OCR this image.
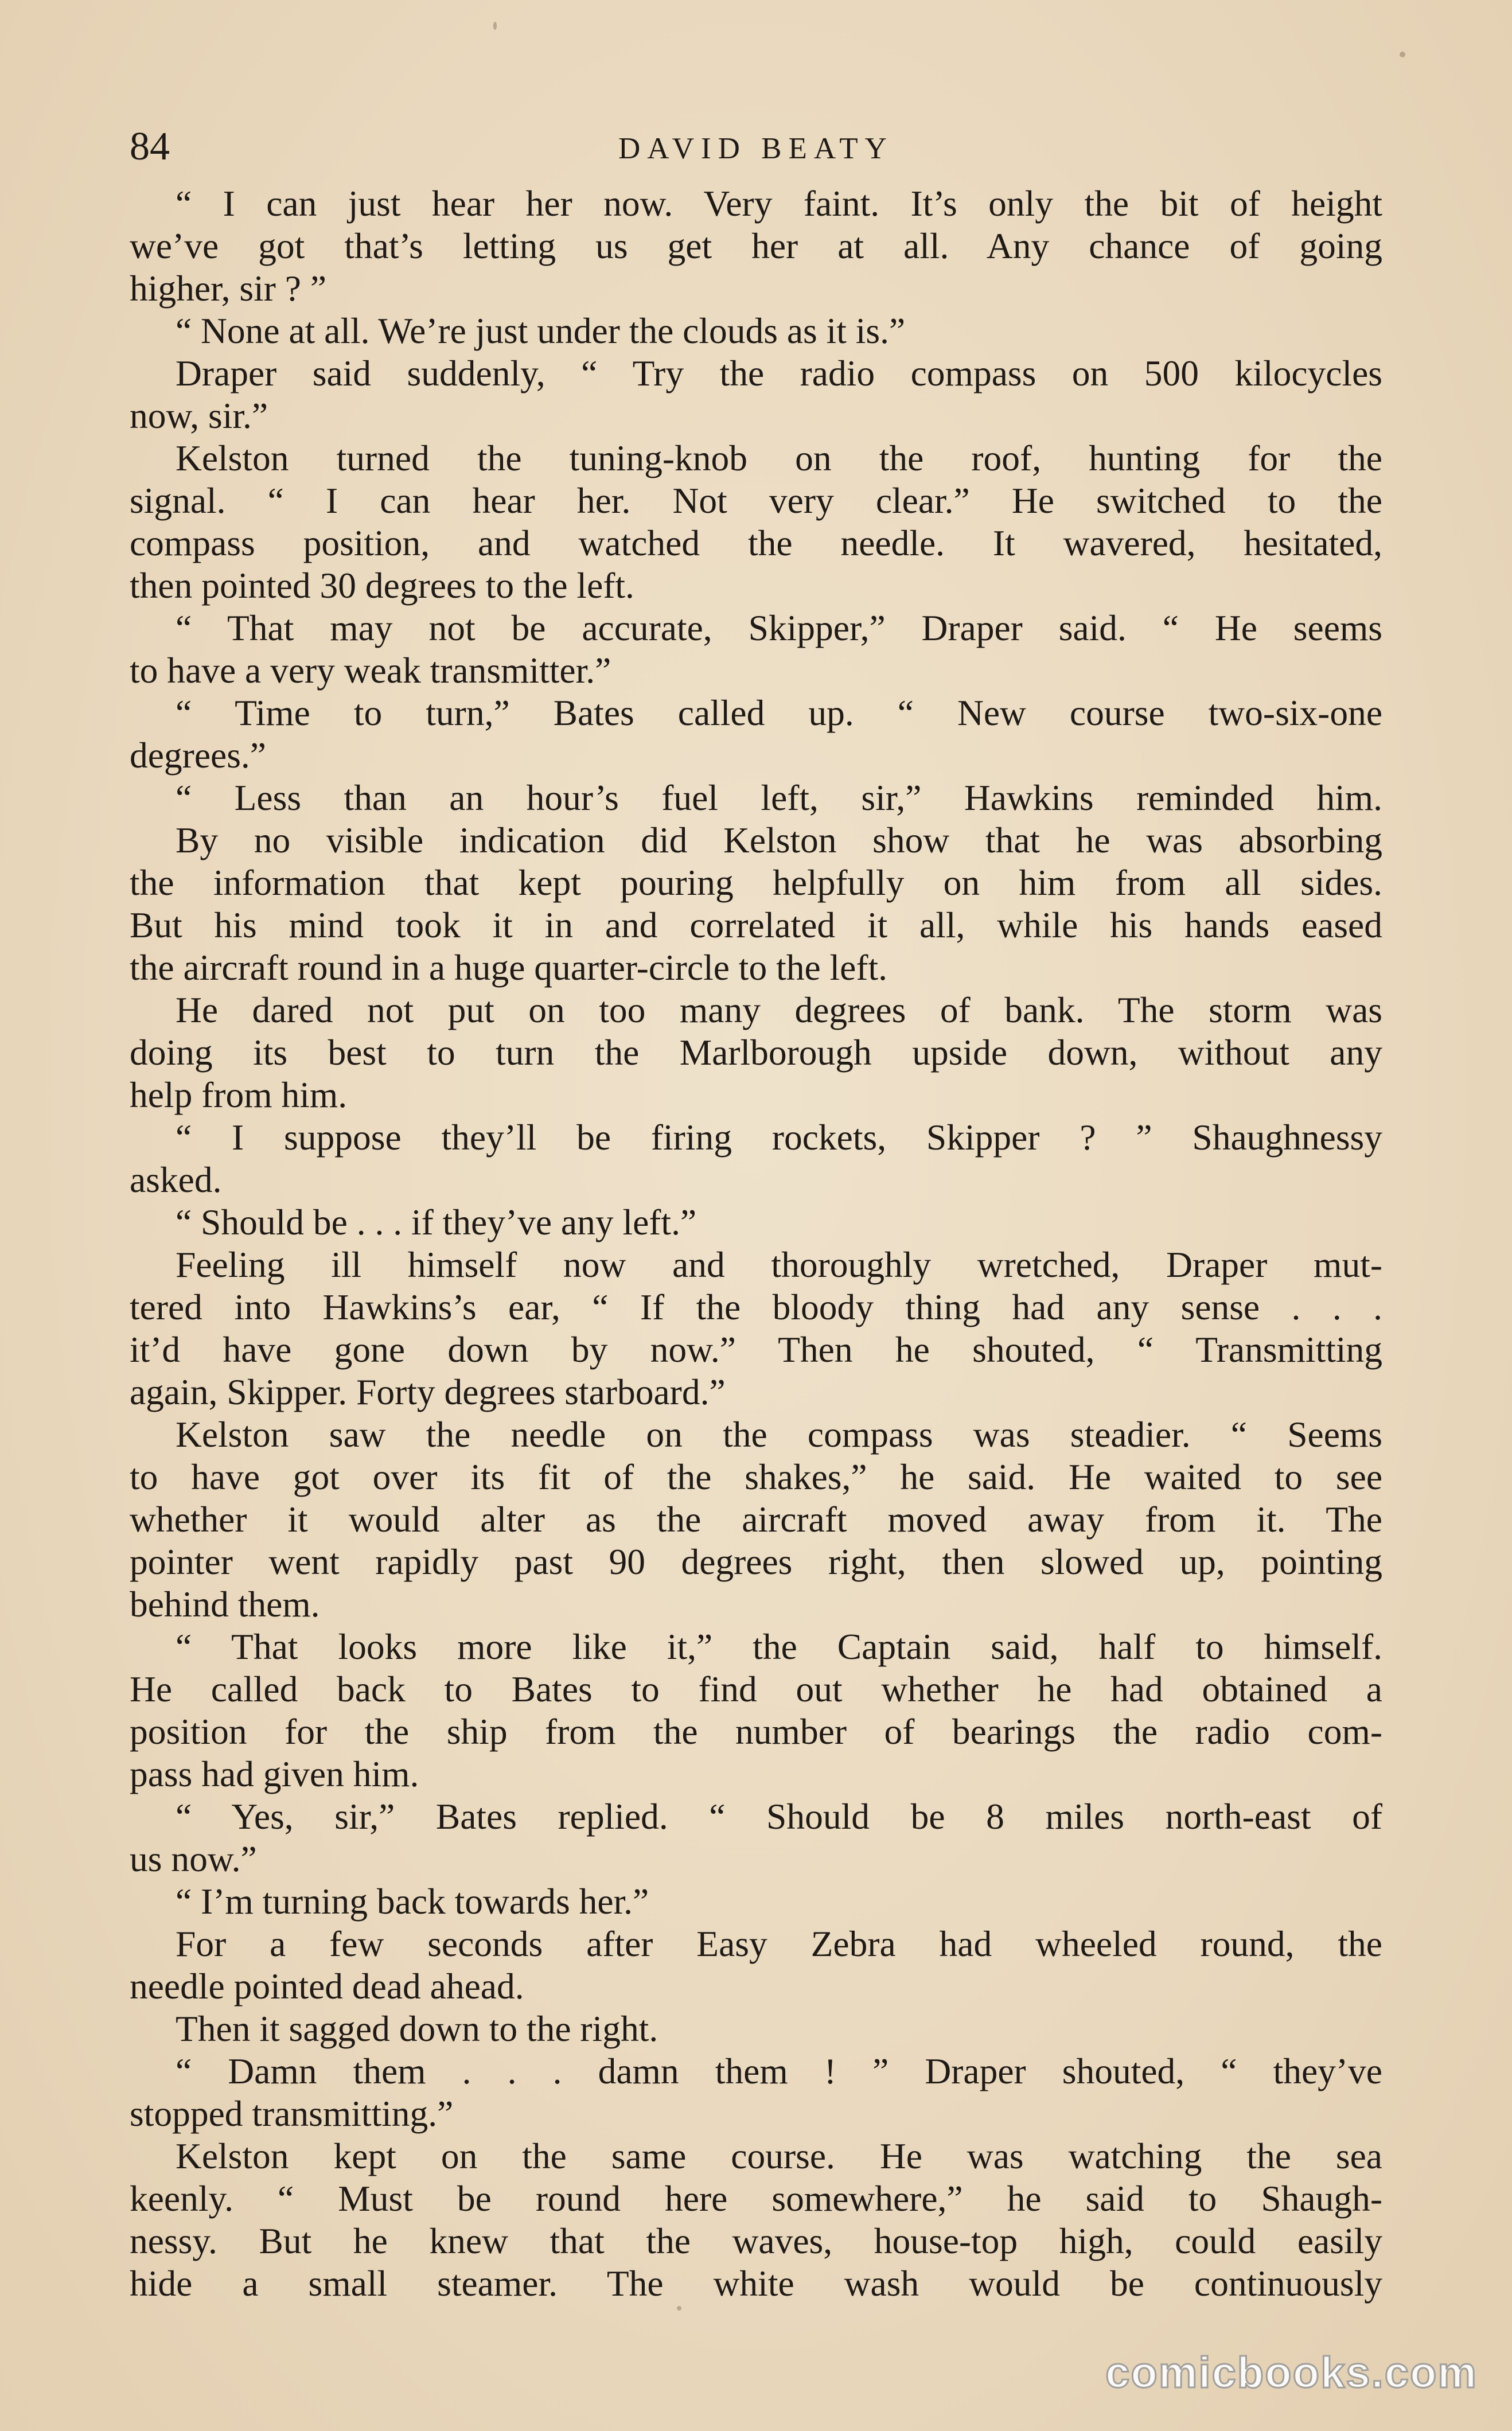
84	DAVID BEATY
“ I can just hear her now. Very faint. It’s only the bit of height
we’ve got that’s letting us get her at all. Any chance of going
higher, sir ? ”
“ None at all. We’re just under the clouds as it is.”
Draper said suddenly, “ Try the radio compass on 500 kilocycles
now, sir.”
Kelston turned the tuning-knob on the roof, hunting for the
signal. “ I can hear her. Not very clear.” He switched to the
compass position, and watched the needle. It wavered, hesitated,
then pointed 30 degrees to the left.
“ That may not be accurate, Skipper,” Draper said. “ He seems
to have a very weak transmitter.”
“ Time to turn,” Bates called up. “ New course two-six-one
degrees.”
“ Less than an hour’s fuel left, sir,” Hawkins reminded him.
By no visible indication did Kelston show that he was absorbing
the information that kept pouring helpfully on him from all sides.
But his mind took it in and correlated it all, while his hands eased
the aircraft round in a huge quarter-circle to the left.
He dared not put on too many degrees of bank. The storm was
doing its best to turn the Marlborough upside down, without any
help from him.
“ I suppose they’ll be firing rockets, Skipper ? ” Shaughnessy
asked.
“ Should be . . . if they’ve any left.”
Feeling ill himself now and thoroughly wretched, Draper mut-
tered into Hawkins’s ear, “ If the bloody thing had any sense . . .
it’d have gone down by now.” Then he shouted, “ Transmitting
again, Skipper. Forty degrees starboard.”
Kelston saw the needle on the compass was steadier. “ Seems
to have got over its fit of the shakes,” he said. He waited to see
whether it would alter as the aircraft moved away from it. The
pointer went rapidly past 90 degrees right, then slowed up, pointing
behind them.
“ That looks more like it,” the Captain said, half to himself.
He called back to Bates to find out whether he had obtained a
position for the ship from the number of bearings the radio com-
pass had given him.
“ Yes, sir,” Bates replied. “ Should be 8 miles north-east of
us now.”
“ I’m turning back towards her.”
For a few seconds after Easy Zebra had wheeled round, the
needle pointed dead ahead.
Then it sagged down to the right.
“ Damn them . . . damn them ! ” Draper shouted, “ they’ve
stopped transmitting.”
Kelston kept on the same course. He was watching the sea
keenly. “ Must be round here somewhere,” he said to Shaugh-
nessy. But he knew that the waves, house-top high, could easily
hide a small steamer. The white wash would be continuously
comicbooks.com
